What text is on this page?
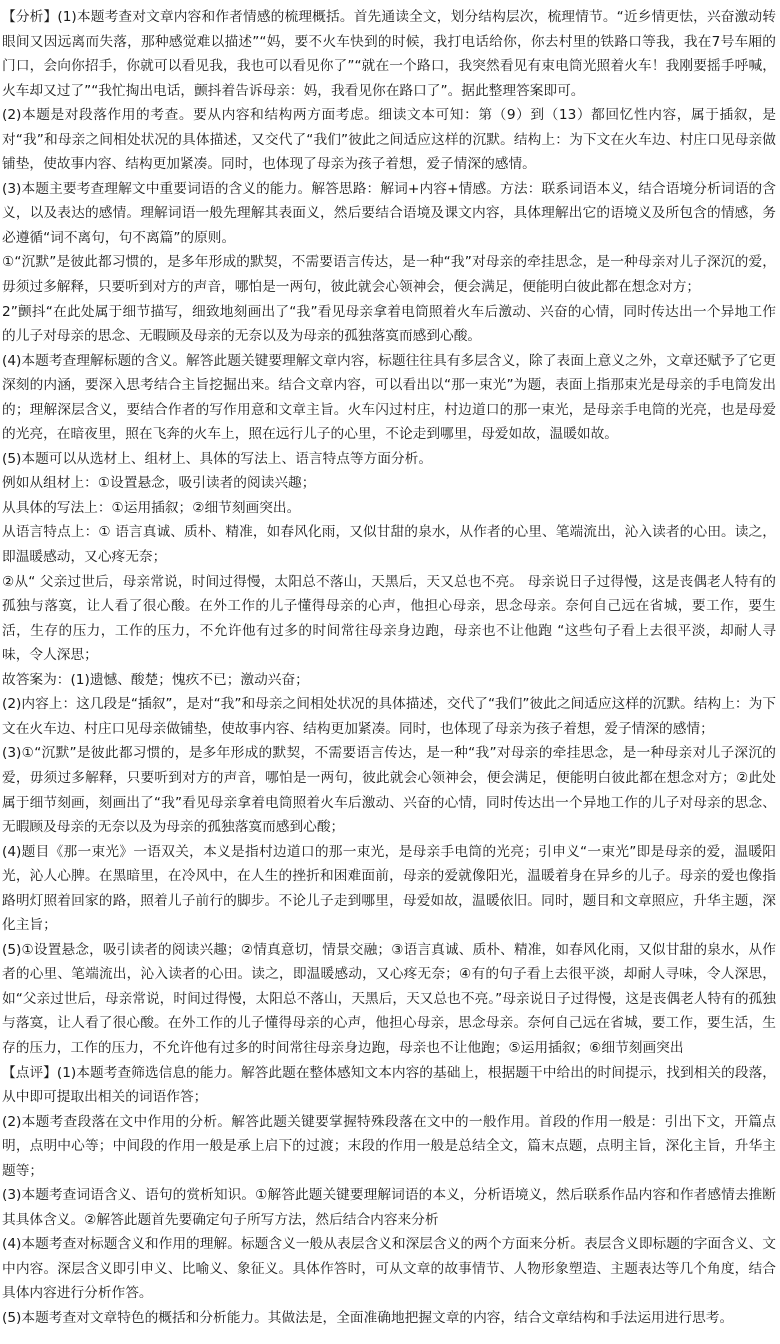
【分析】(1)本题考查对文章内容和作者情感的梳理概括。首先通读全文，划分结构层次，梳理情节。“近乡情更怯，兴奋激动转眼间又因远离而失落，那种感觉难以描述”“妈，要不火车快到的时候，我打电话给你，你去村里的铁路口等我，我在7号车厢的门口，会向你招手，你就可以看见我，我也可以看见你了”“就在一个路口，我突然看见有束电筒光照着火车！我刚要摇手呼喊，火车却又过了”“我忙掏出电话，颤抖着告诉母亲：妈，我看见你在路口了”。据此整理答案即可。

(2)本题是对段落作用的考查。要从内容和结构两方面考虑。细读文本可知：第（9）到（13）都回忆性内容，属于插叙，是对“我”和母亲之间相处状况的具体描述，又交代了“我们”彼此之间适应这样的沉默。结构上：为下文在火车边、村庄口见母亲做铺垫，使故事内容、结构更加紧凑。同时，也体现了母亲为孩子着想，爱子情深的感情。

(3)本题主要考查理解文中重要词语的含义的能力。解答思路：解词+内容+情感。方法：联系词语本义，结合语境分析词语的含义，以及表达的感情。理解词语一般先理解其表面义，然后要结合语境及课文内容，具体理解出它的语境义及所包含的情感，务必遵循“词不离句，句不离篇”的原则。

①“沉默”是彼此都习惯的，是多年形成的默契，不需要语言传达，是一种“我”对母亲的牵挂思念，是一种母亲对儿子深沉的爱，毋须过多解释，只要听到对方的声音，哪怕是一两句，彼此就会心领神会，便会满足，便能明白彼此都在想念对方；

2”颤抖“在此处属于细节描写，细致地刻画出了“我”看见母亲拿着电筒照着火车后激动、兴奋的心情，同时传达出一个异地工作的儿子对母亲的思念、无暇顾及母亲的无奈以及为母亲的孤独落寞而感到心酸。

(4)本题考查理解标题的含义。解答此题关键要理解文章内容，标题往往具有多层含义，除了表面上意义之外，文章还赋予了它更深刻的内涵，要深入思考结合主旨挖掘出来。结合文章内容，可以看出以“那一束光”为题，表面上指那束光是母亲的手电筒发出的；理解深层含义，要结合作者的写作用意和文章主旨。火车闪过村庄，村边道口的那一束光，是母亲手电筒的光亮，也是母爱的光亮，在暗夜里，照在飞奔的火车上，照在远行儿子的心里，不论走到哪里，母爱如故，温暖如故。

(5)本题可以从选材上、组材上、具体的写法上、语言特点等方面分析。

例如从组材上：①设置悬念，吸引读者的阅读兴趣；

从具体的写法上：①运用插叙；②细节刻画突出。

从语言特点上：① 语言真诚、质朴、精准，如春风化雨，又似甘甜的泉水，从作者的心里、笔端流出，沁入读者的心田。读之，即温暖感动，又心疼无奈；

②从“ 父亲过世后，母亲常说，时间过得慢，太阳总不落山，天黑后，天又总也不亮。 母亲说日子过得慢，这是丧偶老人特有的孤独与落寞，让人看了很心酸。在外工作的儿子懂得母亲的心声，他担心母亲，思念母亲。奈何自己远在省城，要工作，要生活，生存的压力，工作的压力，不允许他有过多的时间常往母亲身边跑，母亲也不让他跑 “这些句子看上去很平淡，却耐人寻味，令人深思；

故答案为：(1)遗憾、酸楚；愧疚不已；激动兴奋；

(2)内容上：这几段是“插叙”，是对“我”和母亲之间相处状况的具体描述，交代了“我们”彼此之间适应这样的沉默。结构上：为下文在火车边、村庄口见母亲做铺垫，使故事内容、结构更加紧凑。同时，也体现了母亲为孩子着想，爱子情深的感情；

(3)①“沉默”是彼此都习惯的，是多年形成的默契，不需要语言传达，是一种“我”对母亲的牵挂思念，是一种母亲对儿子深沉的爱，毋须过多解释，只要听到对方的声音，哪怕是一两句，彼此就会心领神会，便会满足，便能明白彼此都在想念对方；②此处属于细节刻画，刻画出了“我”看见母亲拿着电筒照着火车后激动、兴奋的心情，同时传达出一个异地工作的儿子对母亲的思念、无暇顾及母亲的无奈以及为母亲的孤独落寞而感到心酸；

(4)题目《那一束光》一语双关，本义是指村边道口的那一束光，是母亲手电筒的光亮；引申义“一束光”即是母亲的爱，温暖阳光，沁人心脾。在黑暗里，在冷风中，在人生的挫折和困难面前，母亲的爱就像阳光，温暖着身在异乡的儿子。母亲的爱也像指路明灯照着回家的路，照着儿子前行的脚步。不论儿子走到哪里，母爱如故，温暖依旧。同时，题目和文章照应，升华主题，深化主旨；

(5)①设置悬念，吸引读者的阅读兴趣；②情真意切，情景交融；③语言真诚、质朴、精准，如春风化雨，又似甘甜的泉水，从作者的心里、笔端流出，沁入读者的心田。读之，即温暖感动，又心疼无奈；④有的句子看上去很平淡，却耐人寻味，令人深思，如“父亲过世后，母亲常说，时间过得慢，太阳总不落山，天黑后，天又总也不亮。”母亲说日子过得慢，这是丧偶老人特有的孤独与落寞，让人看了很心酸。在外工作的儿子懂得母亲的心声，他担心母亲，思念母亲。奈何自己远在省城，要工作，要生活，生存的压力，工作的压力，不允许他有过多的时间常往母亲身边跑，母亲也不让他跑；⑤运用插叙；⑥细节刻画突出

【点评】(1)本题考查筛选信息的能力。解答此题在整体感知文本内容的基础上，根据题干中给出的时间提示，找到相关的段落，从中即可提取出相关的词语作答；

(2)本题考查段落在文中作用的分析。解答此题关键要掌握特殊段落在文中的一般作用。首段的作用一般是：引出下文，开篇点明，点明中心等；中间段的作用一般是承上启下的过渡；末段的作用一般是总结全文，篇末点题，点明主旨，深化主旨，升华主题等；

(3)本题考查词语含义、语句的赏析知识。①解答此题关键要理解词语的本义，分析语境义，然后联系作品内容和作者感情去推断其具体含义。②解答此题首先要确定句子所写方法，然后结合内容来分析

(4)本题考查对标题含义和作用的理解。标题含义一般从表层含义和深层含义的两个方面来分析。表层含义即标题的字面含义、文中内容。深层含义即引申义、比喻义、象征义。具体作答时，可从文章的故事情节、人物形象塑造、主题表达等几个角度，结合具体内容进行分析作答。

(5)本题考查对文章特色的概括和分析能力。其做法是，全面准确地把握文章的内容，结合文章结构和手法运用进行思考。
